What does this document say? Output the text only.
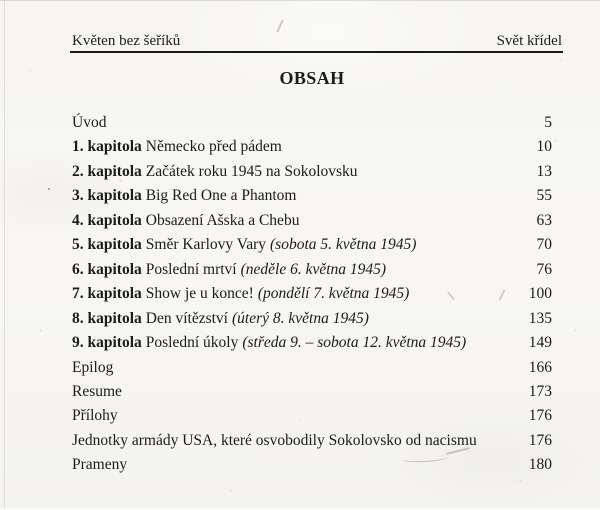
Květen bez šeříků	Svět křídel
OBSAH
Úvod	5
1. kapitola Německo před pádem	10
2. kapitola Začátek roku 1945 na Sokolovsku	13
3. kapitola Big Red One a Phantom	55
4. kapitola Obsazení Ašska a Chebu	63
5. kapitola Směr Karlovy Vary (sobota 5. května 1945)	70
6. kapitola Poslední mrtví (neděle 6. května 1945)	76
7. kapitola Show je u konce! (pondělí 7. května 1945)	100
8. kapitola Den vítězství (úterý 8. května 1945)	135
9. kapitola Poslední úkoly (středa 9. – sobota 12. května 1945)	149
Epilog	166
Resume	173
Přílohy	176
Jednotky armády USA, které osvobodily Sokolovsko od nacismu	176
Prameny	180
